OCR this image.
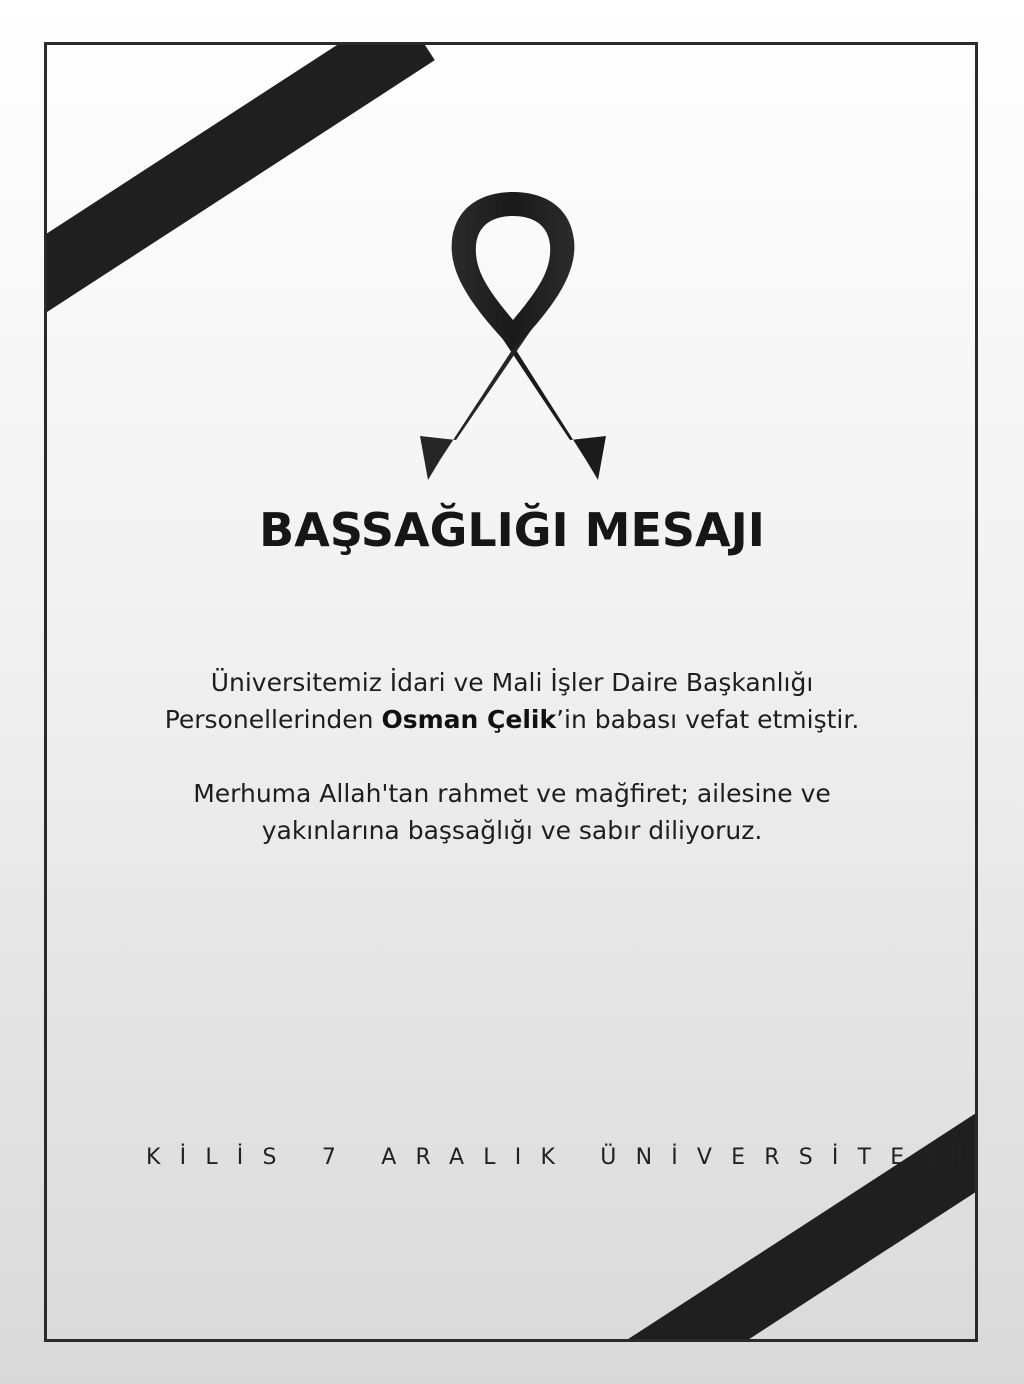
BAŞSAĞLIĞI MESAJI

Üniversitemiz İdari ve Mali İşler Daire Başkanlığı
Personellerinden Osman Çelik’in babası vefat etmiştir.

Merhuma Allah'tan rahmet ve mağfiret; ailesine ve
yakınlarına başsağlığı ve sabır diliyoruz.

KİLİS 7 ARALIK ÜNİVERSİTESİ
